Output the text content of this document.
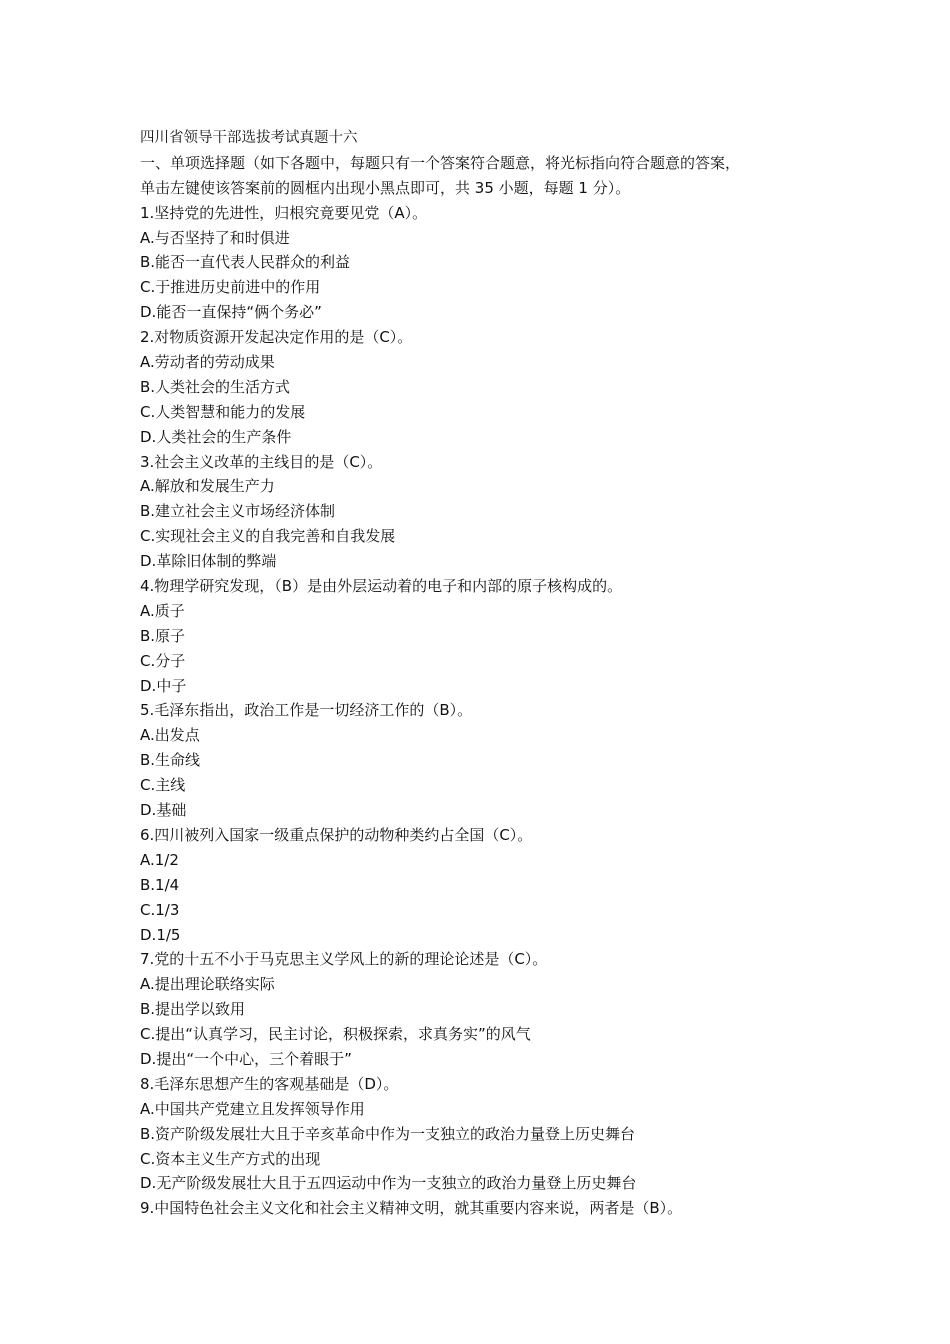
四川省领导干部选拔考试真题十六
一、单项选择题（如下各题中，每题只有一个答案符合题意，将光标指向符合题意的答案，
单击左键使该答案前的圆框内出现小黑点即可，共 35 小题，每题 1 分）。
1.坚持党的先进性，归根究竟要见党（A）。
A.与否坚持了和时俱进
B.能否一直代表人民群众的利益
C.于推进历史前进中的作用
D.能否一直保持“俩个务必”
2.对物质资源开发起决定作用的是（C）。
A.劳动者的劳动成果
B.人类社会的生活方式
C.人类智慧和能力的发展
D.人类社会的生产条件
3.社会主义改革的主线目的是（C）。
A.解放和发展生产力
B.建立社会主义市场经济体制
C.实现社会主义的自我完善和自我发展
D.革除旧体制的弊端
4.物理学研究发现，（B）是由外层运动着的电子和内部的原子核构成的。
A.质子
B.原子
C.分子
D.中子
5.毛泽东指出，政治工作是一切经济工作的（B）。
A.出发点
B.生命线
C.主线
D.基础
6.四川被列入国家一级重点保护的动物种类约占全国（C）。
A.1/2
B.1/4
C.1/3
D.1/5
7.党的十五不小于马克思主义学风上的新的理论论述是（C）。
A.提出理论联络实际
B.提出学以致用
C.提出“认真学习，民主讨论，积极探索，求真务实”的风气
D.提出“一个中心，三个着眼于”
8.毛泽东思想产生的客观基础是（D）。
A.中国共产党建立且发挥领导作用
B.资产阶级发展壮大且于辛亥革命中作为一支独立的政治力量登上历史舞台
C.资本主义生产方式的出现
D.无产阶级发展壮大且于五四运动中作为一支独立的政治力量登上历史舞台
9.中国特色社会主义文化和社会主义精神文明，就其重要内容来说，两者是（B）。
